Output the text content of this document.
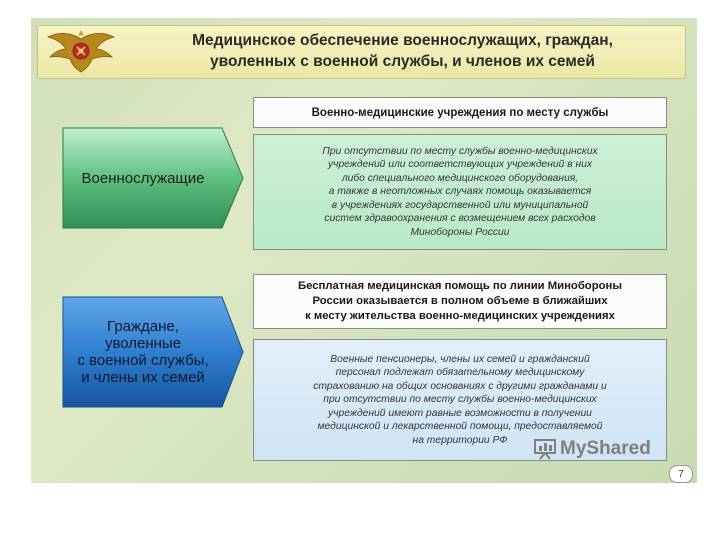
Медицинское обеспечение военнослужащих, граждан,
уволенных с военной службы, и членов их семей
Военнослужащие
Военно-медицинские учреждения по месту службы
При отсутствии по месту службы военно-медицинских
учреждений или соответствующих учреждений в них
либо специального медицинского оборудования,
а также в неотложных случаях помощь оказывается
в учреждениях государственной или муниципальной
систем здравоохранения с возмещением всех расходов
Минобороны России
Граждане,
уволенные
с военной службы,
и члены их семей
Бесплатная медицинская помощь по линии Минобороны
России оказывается в полном объеме в ближайших
к месту жительства военно-медицинских учреждениях
Военные пенсионеры, члены их семей и гражданский
персонал подлежат обязательному медицинскому
страхованию на общих основаниях с другими гражданами и
при отсутствии по месту службы военно-медицинских
учреждений имеют равные возможности в получении
медицинской и лекарственной помощи, предоставляемой
на территории РФ	MyShared
7
